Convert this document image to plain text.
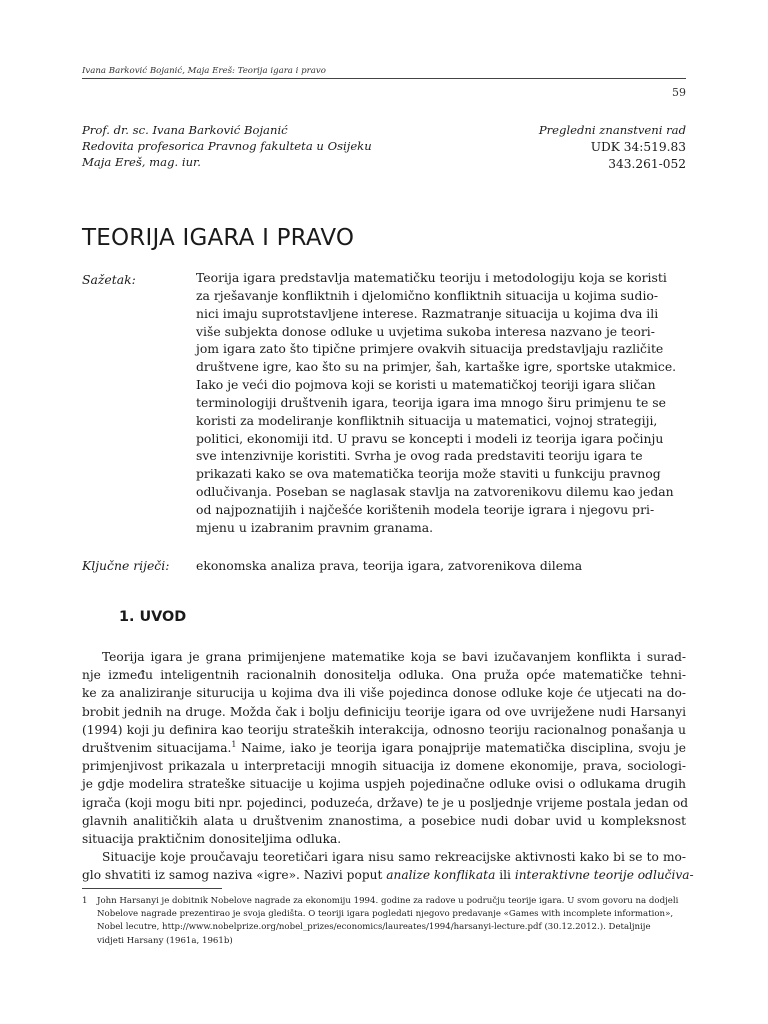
Ivana Barković Bojanić, Maja Ereš: Teorija igara i pravo
59
Prof. dr. sc. Ivana Barković Bojanić
Redovita profesorica Pravnog fakulteta u Osijeku
Maja Ereš, mag. iur.
Pregledni znanstveni rad
UDK 34:519.83
343.261-052
TEORIJA IGARA I PRAVO
Sažetak:	Teorija igara predstavlja matematičku teoriju i metodologiju koja se koristi
za rješavanje konfliktnih i djelomično konfliktnih situacija u kojima sudio-
nici imaju suprotstavljene interese. Razmatranje situacija u kojima dva ili
više subjekta donose odluke u uvjetima sukoba interesa nazvano je teori-
jom igara zato što tipične primjere ovakvih situacija predstavljaju različite
društvene igre, kao što su na primjer, šah, kartaške igre, sportske utakmice.
Iako je veći dio pojmova koji se koristi u matematičkoj teoriji igara sličan
terminologiji društvenih igara, teorija igara ima mnogo širu primjenu te se
koristi za modeliranje konfliktnih situacija u matematici, vojnoj strategiji,
politici, ekonomiji itd. U pravu se koncepti i modeli iz teorija igara počinju
sve intenzivnije koristiti. Svrha je ovog rada predstaviti teoriju igara te
prikazati kako se ova matematička teorija može staviti u funkciju pravnog
odlučivanja. Poseban se naglasak stavlja na zatvorenikovu dilemu kao jedan
od najpoznatijih i najčešće korištenih modela teorije igrara i njegovu pri-
mjenu u izabranim pravnim granama.
Ključne riječi: ekonomska analiza prava, teorija igara, zatvorenikova dilema
1. UVOD
Teorija igara je grana primijenjene matematike koja se bavi izučavanjem konflikta i surad-
nje između inteligentnih racionalnih donositelja odluka. Ona pruža opće matematičke tehni-
ke za analiziranje siturucija u kojima dva ili više pojedinca donose odluke koje će utjecati na do-
brobit jednih na druge. Možda čak i bolju definiciju teorije igara od ove uvriježene nudi Harsanyi
(1994) koji ju definira kao teoriju strateških interakcija, odnosno teoriju racionalnog ponašanja u
društvenim situacijama.$^1$ Naime, iako je teorija igara ponajprije matematička disciplina, svoju je
primjenjivost prikazala u interpretaciji mnogih situacija iz domene ekonomije, prava, sociologi-
je gdje modelira strateške situacije u kojima uspjeh pojedinačne odluke ovisi o odlukama drugih
igrača (koji mogu biti npr. pojedinci, poduzeća, države) te je u posljednje vrijeme postala jedan od
glavnih analitičkih alata u društvenim znanostima, a posebice nudi dobar uvid u kompleksnost
situacija praktičnim donositeljima odluka.
Situacije koje proučavaju teoretičari igara nisu samo rekreacijske aktivnosti kako bi se to mo-
glo shvatiti iz samog naziva «igre». Nazivi poput analize konflikata ili interaktivne teorije odlučiva-
1 John Harsanyi je dobitnik Nobelove nagrade za ekonomiju 1994. godine za radove u području teorije igara. U svom govoru na dodjeli
Nobelove nagrade prezentirao je svoja gledišta. O teoriji igara pogledati njegovo predavanje «Games with incomplete information»,
Nobel lecutre, http://www.nobelprize.org/nobel_prizes/economics/laureates/1994/harsanyi-lecture.pdf (30.12.2012.). Detaljnije
vidjeti Harsany (1961a, 1961b)
